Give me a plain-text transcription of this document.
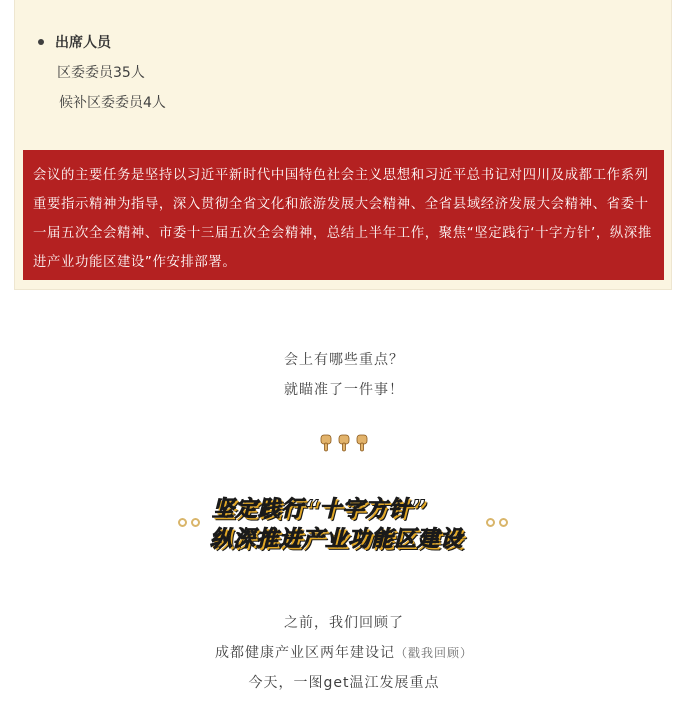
出席人员
区委委员35人
候补区委委员4人
会议的主要任务是坚持以习近平新时代中国特色社会主义思想和习近平总书记对四川及成都工作系列重要指示精神为指导，深入贯彻全省文化和旅游发展大会精神、全省县域经济发展大会精神、省委十一届五次全会精神、市委十三届五次全会精神，总结上半年工作，聚焦“坚定践行‘十字方针’，纵深推进产业功能区建设”作安排部署。
会上有哪些重点？
就瞄准了一件事！
坚定践行“十字方针”
纵深推进产业功能区建设
之前，我们回顾了
成都健康产业区两年建设记（戳我回顾）
今天，一图get温江发展重点
